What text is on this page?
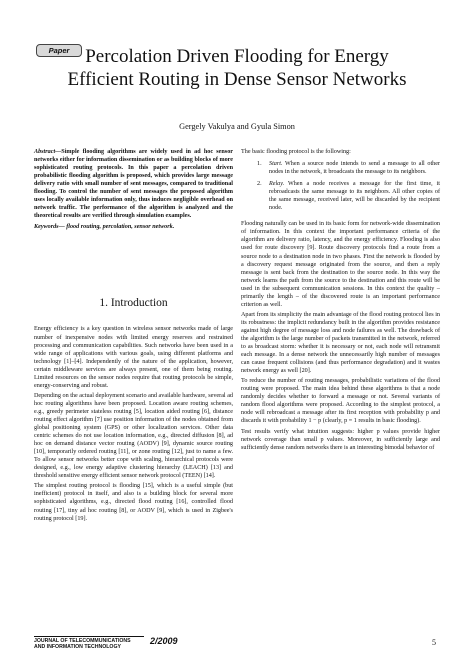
Paper Percolation Driven Flooding for Energy Efficient Routing in Dense Sensor Networks
Gergely Vakulya and Gyula Simon
Abstract—Simple flooding algorithms are widely used in ad hoc sensor networks either for information dissemination or as building blocks of more sophisticated routing protocols. In this paper a percolation driven probabilistic flooding algorithm is proposed, which provides large message delivery ratio with small number of sent messages, compared to traditional flooding. To control the number of sent messages the proposed algorithm uses locally available information only, thus induces negligible overhead on network traffic. The performance of the algorithm is analyzed and the theoretical results are verified through simulation examples.
Keywords— flood routing, percolation, sensor network.
1. Introduction

Energy efficiency is a key question in wireless sensor networks made of large number of inexpensive nodes with limited energy reserves and restrained processing and communication capabilities. Such networks have been used in a wide range of applications with various goals, using different platforms and technology [1]–[4]. Independently of the nature of the application, however, certain middleware services are always present, one of them being routing. Limited resources on the sensor nodes require that routing protocols be simple, energy-conserving and robust.

Depending on the actual deployment scenario and available hardware, several ad hoc routing algorithms have been proposed. Location aware routing schemes, e.g., greedy perimeter stateless routing [5], location aided routing [6], distance routing effect algorithm [7] use position information of the nodes obtained from global positioning system (GPS) or other localization services. Other data centric schemes do not use location information, e.g., directed diffusion [8], ad hoc on demand distance vector routing (AODV) [9], dynamic source routing [10], temporarily ordered routing [11], or zone routing [12], just to name a few. To allow sensor networks better cope with scaling, hierarchical protocols were designed, e.g., low energy adaptive clustering hierarchy (LEACH) [13] and threshold sensitive energy efficient sensor network protocol (TEEN) [14].

The simplest routing protocol is flooding [15], which is a useful simple (but inefficient) protocol in itself, and also is a building block for several more sophisticated algorithms, e.g., directed flood routing [16], controlled flood routing [17], tiny ad hoc routing [8], or AODV [9], which is used in Zigbee's routing protocol [19].

The basic flooding protocol is the following:

1. Start. When a source node intends to send a message to all other nodes in the network, it broadcasts the message to its neighbors.
2. Relay. When a node receives a message for the first time, it rebroadcasts the same message to its neighbors. All other copies of the same message, received later, will be discarded by the recipient node.

Flooding naturally can be used in its basic form for network-wide dissemination of information. In this context the important performance criteria of the algorithm are delivery ratio, latency, and the energy efficiency. Flooding is also used for route discovery [9]. Route discovery protocols find a route from a source node to a destination node in two phases. First the network is flooded by a discovery request message originated from the source, and then a reply message is sent back from the destination to the source node. In this way the network learns the path from the source to the destination and this route will be used in the subsequent communication sessions. In this context the quality – primarily the length – of the discovered route is an important performance criterion as well.

Apart from its simplicity the main advantage of the flood routing protocol lies in its robustness: the implicit redundancy built in the algorithm provides resistance against high degree of message loss and node failures as well. The drawback of the algorithm is the large number of packets transmitted in the network, referred to as broadcast storm: whether it is necessary or not, each node will retransmit each message. In a dense network the unnecessarily high number of messages can cause frequent collisions (and thus performance degradation) and it wastes network energy as well [20].

To reduce the number of routing messages, probabilistic variations of the flood routing were proposed. The main idea behind these algorithms is that a node randomly decides whether to forward a message or not. Several variants of random flood algorithms were proposed. According to the simplest protocol, a node will rebroadcast a message after its first reception with probability p and discards it with probability 1 − p (clearly, p = 1 results in basic flooding).

Test results verify what intuition suggests: higher p values provide higher network coverage than small p values. Moreover, in sufficiently large and sufficiently dense random networks there is an interesting bimodal behavior of

JOURNAL OF TELECOMMUNICATIONS
AND INFORMATION TECHNOLOGY
2/2009	5
